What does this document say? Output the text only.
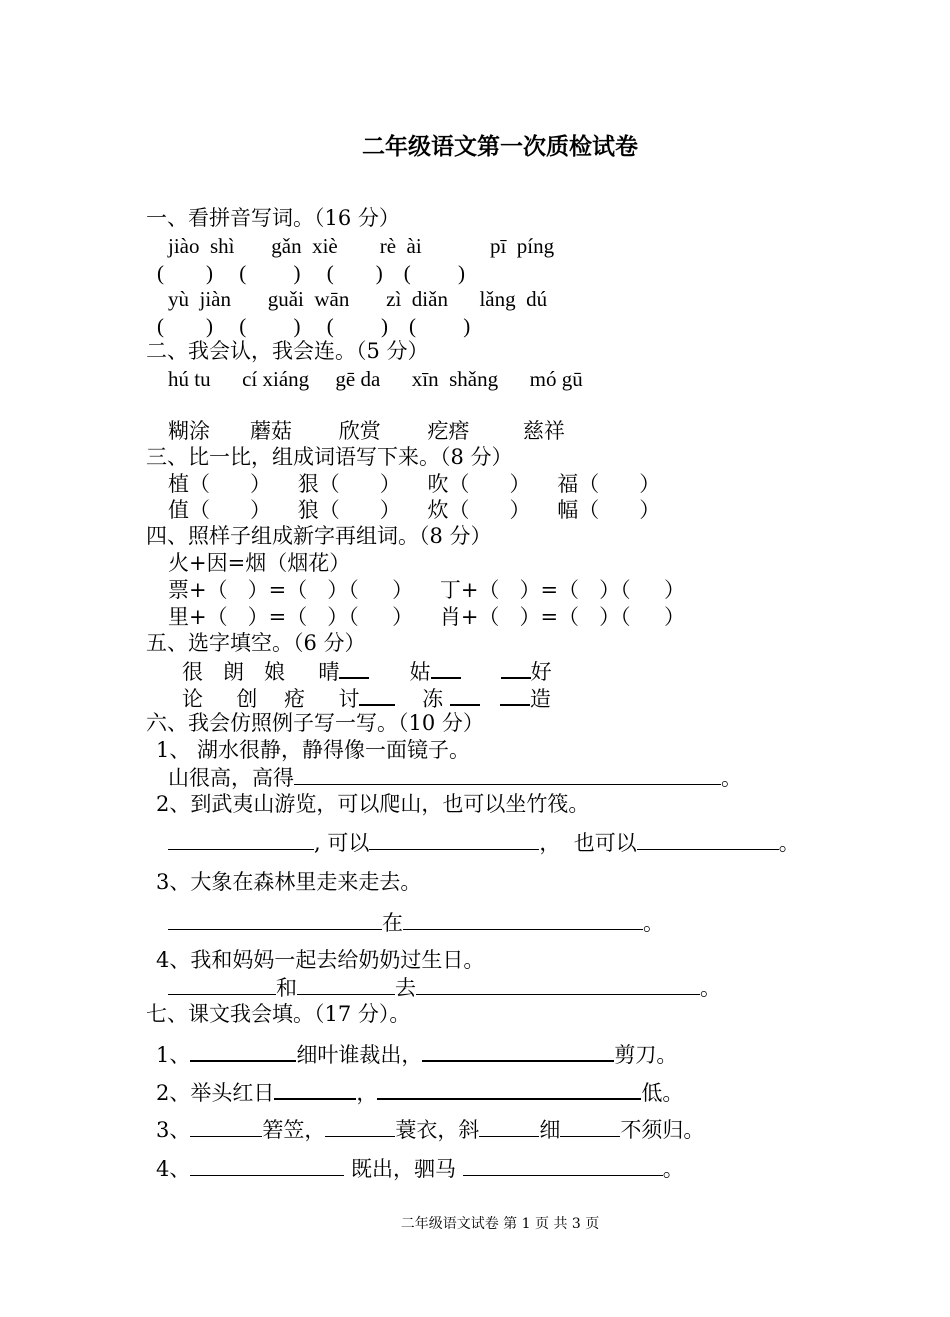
二年级语文第一次质检试卷
一、看拼音写词。（16 分）
jiào  shì       gǎn  xiè        rè  ài             pī  píng
(        )     (         )     (        )    (         )
yù  jiàn       guǎi  wān       zì  diǎn      lǎng  dú
(        )     (         )     (         )    (         )
二、我会认，我会连。（5 分）
hú tu      cí xiáng     gē da      xīn  shǎng      mó gū
糊涂      蘑菇       欣赏       疙瘩        慈祥
三、比一比，组成词语写下来。（8 分）
植（      ）    狠（      ）    吹（      ）    福（      ）
值（      ）    狼（      ）    炊（      ）    幅（      ）
四、照样子组成新字再组词。（8 分）
火+因=烟（烟花）
票+（   ）=（   ）（     ）    丁+（   ）=（   ）（     ）
里+（   ）=（   ）（     ）    肖+（   ）=（   ）（     ）
五、选字填空。（6 分）
很   朗   娘     晴	姑	好
论     创    疮     讨	冻	造
六、我会仿照例子写一写。（10 分）
1、 湖水很静，静得像一面镜子。
山很高，高得	。
2、到武夷山游览，可以爬山，也可以坐竹筏。
, 可以	，  也可以	。
3、大象在森林里走来走去。
在	。
4、我和妈妈一起去给奶奶过生日。
和	去	。
七、课文我会填。（17 分）。
1、	细叶谁裁出，	剪刀。
2、举头红日	，	低。
3、	箬笠，	蓑衣，斜	细	不须归。
4、	既出，驷马	。
二年级语文试卷 第 1 页 共 3 页
